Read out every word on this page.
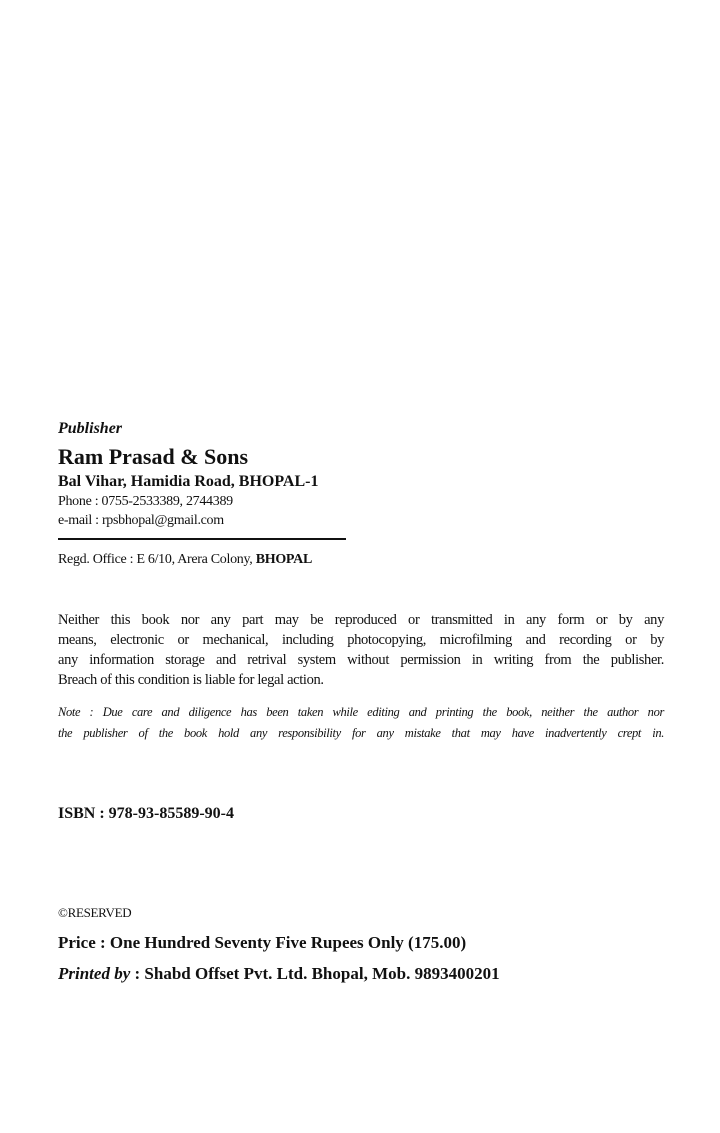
Publisher
Ram Prasad & Sons
Bal Vihar, Hamidia Road, BHOPAL-1
Phone : 0755-2533389, 2744389
e-mail : rpsbhopal@gmail.com
Regd. Office : E 6/10, Arera Colony, BHOPAL
Neither this book nor any part may be reproduced or transmitted in any form or by any
means, electronic or mechanical, including photocopying, microfilming and recording or by
any information storage and retrival system without permission in writing from the publisher.
Breach of this condition is liable for legal action.
Note : Due care and diligence has been taken while editing and printing the book, neither the author nor
the publisher of the book hold any responsibility for any mistake that may have inadvertently crept in.
ISBN : 978-93-85589-90-4
©RESERVED
Price : One Hundred Seventy Five Rupees Only (175.00)
Printed by : Shabd Offset Pvt. Ltd. Bhopal, Mob. 9893400201
